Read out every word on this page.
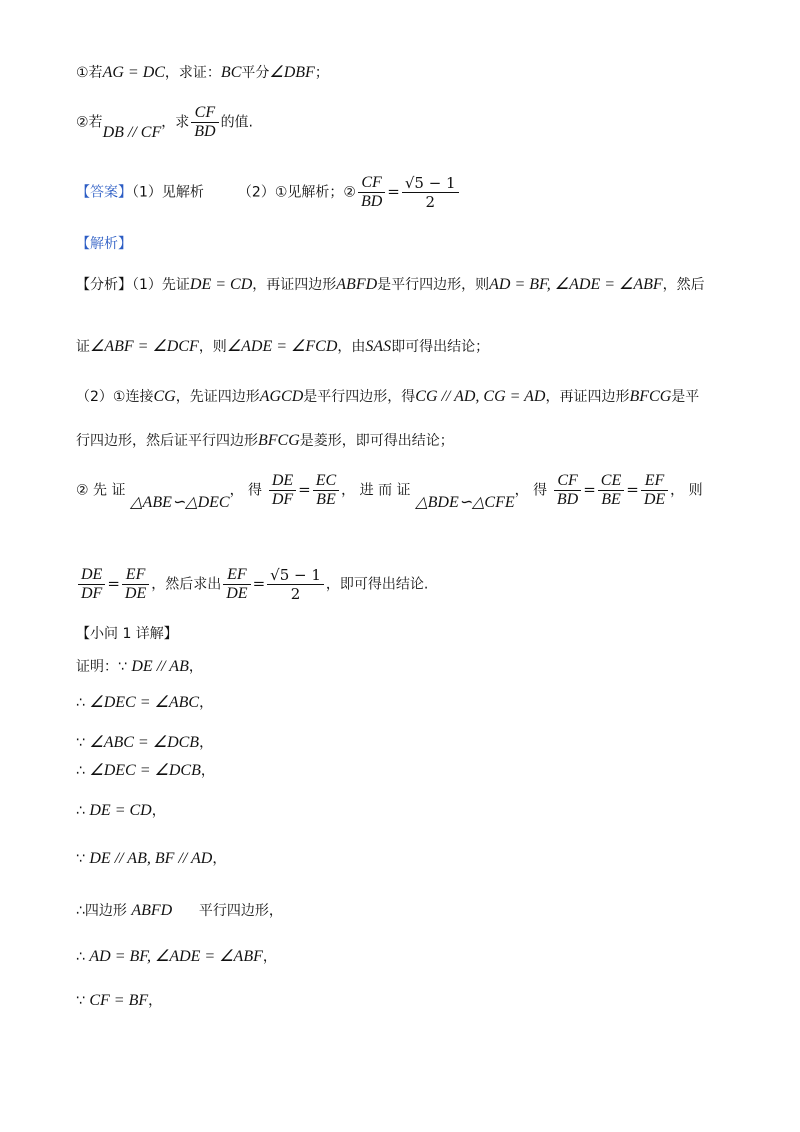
①若AG = DC，求证：BC平分∠DBF；
②若DB // CF，求 $\frac{CF}{BD}$ 的值.
【答案】（1）见解析 （2）①见解析；② $\frac{CF}{BD} = \frac{√5 - 1}{2}$
【解析】
【分析】（1）先证DE = CD，再证四边形ABFD是平行四边形，则AD = BF, ∠ADE = ∠ABF，然后
证∠ABF = ∠DCF，则∠ADE = ∠FCD，由SAS即可得出结论；
（2）①连接CG，先证四边形AGCD是平行四边形，得CG // AD, CG = AD，再证四边形BFCG是平
行四边形，然后证平行四边形BFCG是菱形，即可得出结论；
② 先 证 △ABE∽△DEC， 得 $\frac{DE}{DF} = \frac{EC}{BE}$ ， 进 而 证 △BDE∽△CFE， 得 $\frac{CF}{BD} = \frac{CE}{BE} = \frac{EF}{DE}$ ， 则
$\frac{DE}{DF} = \frac{EF}{DE}$ ，然后求出 $\frac{EF}{DE} = \frac{√5 - 1}{2}$ ，即可得出结论.
【小问 1 详解】
证明：∵ DE // AB，
∴ ∠DEC = ∠ABC，
∵ ∠ABC = ∠DCB，
∴ ∠DEC = ∠DCB，
∴ DE = CD，
∵ DE // AB, BF // AD，
∴四边形 ABFD      平行四边形，
∴ AD = BF, ∠ADE = ∠ABF，
∵ CF = BF，
